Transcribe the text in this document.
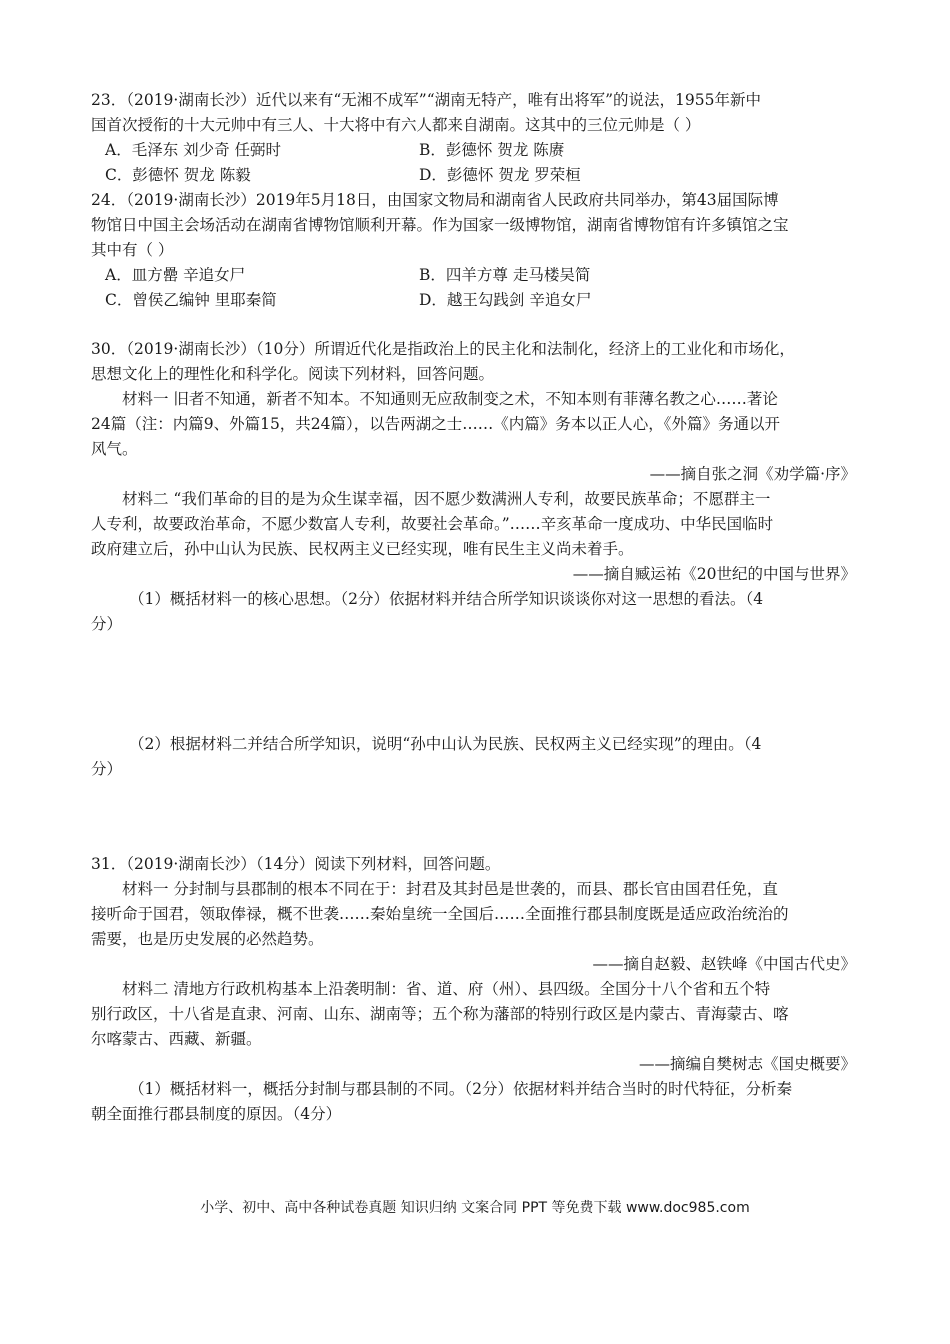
23．（2019·湖南长沙）近代以来有“无湘不成军”“湖南无特产，唯有出将军”的说法，1955年新中
国首次授衔的十大元帅中有三人、十大将中有六人都来自湖南。这其中的三位元帅是（ ）
A．毛泽东 刘少奇 任弼时	B．彭德怀 贺龙 陈赓
C．彭德怀 贺龙 陈毅	D．彭德怀 贺龙 罗荣桓
24．（2019·湖南长沙）2019年5月18日，由国家文物局和湖南省人民政府共同举办，第43届国际博
物馆日中国主会场活动在湖南省博物馆顺利开幕。作为国家一级博物馆，湖南省博物馆有许多镇馆之宝
其中有（ ）
A．皿方罍 辛追女尸	B．四羊方尊 走马楼吴简
C．曾侯乙编钟 里耶秦简	D．越王勾践剑 辛追女尸
30．（2019·湖南长沙）（10分）所谓近代化是指政治上的民主化和法制化，经济上的工业化和市场化，
思想文化上的理性化和科学化。阅读下列材料，回答问题。
材料一 旧者不知通，新者不知本。不知通则无应敌制变之术，不知本则有菲薄名教之心……著论
24篇（注：内篇9、外篇15，共24篇），以告两湖之士……《内篇》务本以正人心，《外篇》务通以开
风气。
——摘自张之洞《劝学篇·序》
材料二 “我们革命的目的是为众生谋幸福，因不愿少数满洲人专利，故要民族革命；不愿群主一
人专利，故要政治革命，不愿少数富人专利，故要社会革命。”……辛亥革命一度成功、中华民国临时
政府建立后，孙中山认为民族、民权两主义已经实现，唯有民生主义尚未着手。
——摘自臧运祐《20世纪的中国与世界》
（1）概括材料一的核心思想。（2分）依据材料并结合所学知识谈谈你对这一思想的看法。（4
分）
（2）根据材料二并结合所学知识，说明“孙中山认为民族、民权两主义已经实现”的理由。（4
分）
31．（2019·湖南长沙）（14分）阅读下列材料，回答问题。
材料一 分封制与县郡制的根本不同在于：封君及其封邑是世袭的，而县、郡长官由国君任免，直
接听命于国君，领取俸禄，概不世袭……秦始皇统一全国后……全面推行郡县制度既是适应政治统治的
需要，也是历史发展的必然趋势。
——摘自赵毅、赵铁峰《中国古代史》
材料二 清地方行政机构基本上沿袭明制：省、道、府（州）、县四级。全国分十八个省和五个特
别行政区，十八省是直隶、河南、山东、湖南等；五个称为藩部的特别行政区是内蒙古、青海蒙古、喀
尔喀蒙古、西藏、新疆。
——摘编自樊树志《国史概要》
（1）概括材料一，概括分封制与郡县制的不同。（2分）依据材料并结合当时的时代特征，分析秦
朝全面推行郡县制度的原因。（4分）
小学、初中、高中各种试卷真题 知识归纳 文案合同 PPT 等免费下载 www.doc985.com
